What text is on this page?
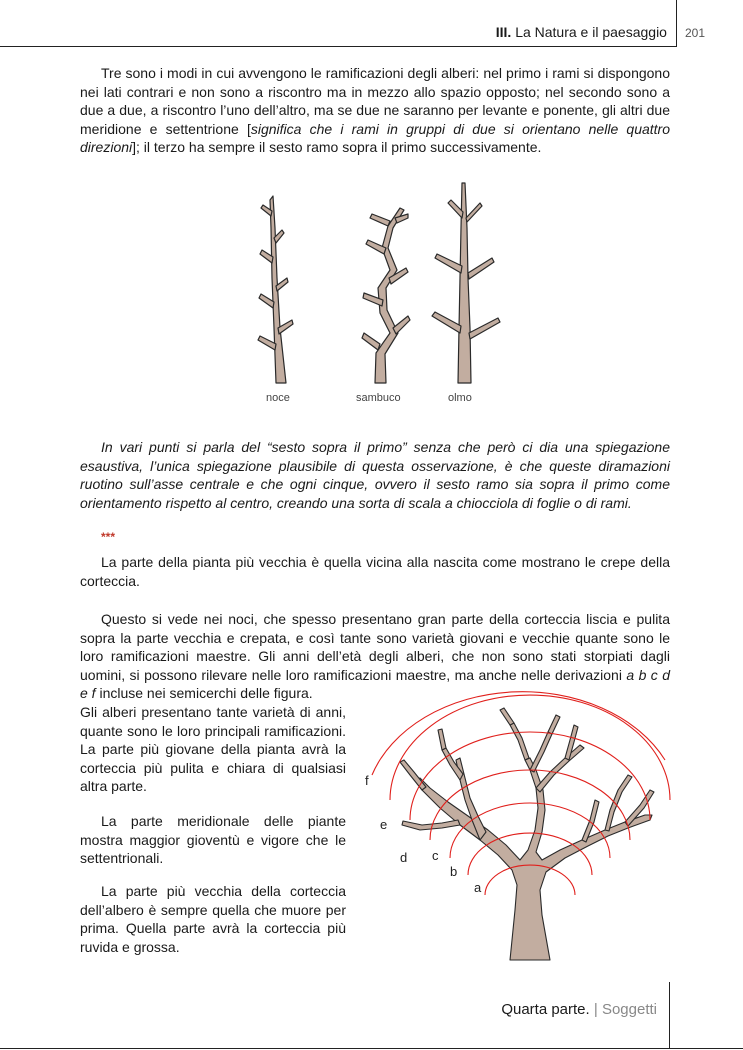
III. La Natura e il paesaggio 201
Tre sono i modi in cui avvengono le ramificazioni degli alberi: nel primo i rami si dispongono nei lati contrari e non sono a riscontro ma in mezzo allo spazio opposto; nel secondo sono a due a due, a riscontro l’uno dell’altro, ma se due ne saranno per levante e ponente, gli altri due meridione e settentrione [significa che i rami in gruppi di due si orientano nelle quattro direzioni]; il terzo ha sempre il sesto ramo sopra il primo successivamente.
noce	sambuco	olmo
In vari punti si parla del “sesto sopra il primo” senza che però ci dia una spiegazione esaustiva, l’unica spiegazione plausibile di questa osservazione, è che queste diramazioni ruotino sull’asse centrale e che ogni cinque, ovvero il sesto ramo sia sopra il primo come orientamento rispetto al centro, creando una sorta di scala a chiocciola di foglie o di rami.
***
La parte della pianta più vecchia è quella vicina alla nascita come mostrano le crepe della corteccia.
Questo si vede nei noci, che spesso presentano gran parte della corteccia liscia e pulita sopra la parte vecchia e crepata, e così tante sono varietà giovani e vecchie quante sono le loro ramificazioni maestre. Gli anni dell’età degli alberi, che non sono stati storpiati dagli uomini, si possono rilevare nelle loro ramificazioni maestre, ma anche nelle derivazioni a b c d e f incluse nei semicerchi delle figura.
Gli alberi presentano tante varietà di anni, quante sono le loro principali ramificazioni. La parte più giovane della pianta avrà la corteccia più pulita e chiara di qualsiasi altra parte.
La parte meridionale delle piante mostra maggior gioventù e vigore che le settentrionali.
La parte più vecchia della corteccia dell’albero è sempre quella che muore per prima. Quella parte avrà la corteccia più ruvida e grossa.
f
e
d c
b
a
Quarta parte. | Soggetti
